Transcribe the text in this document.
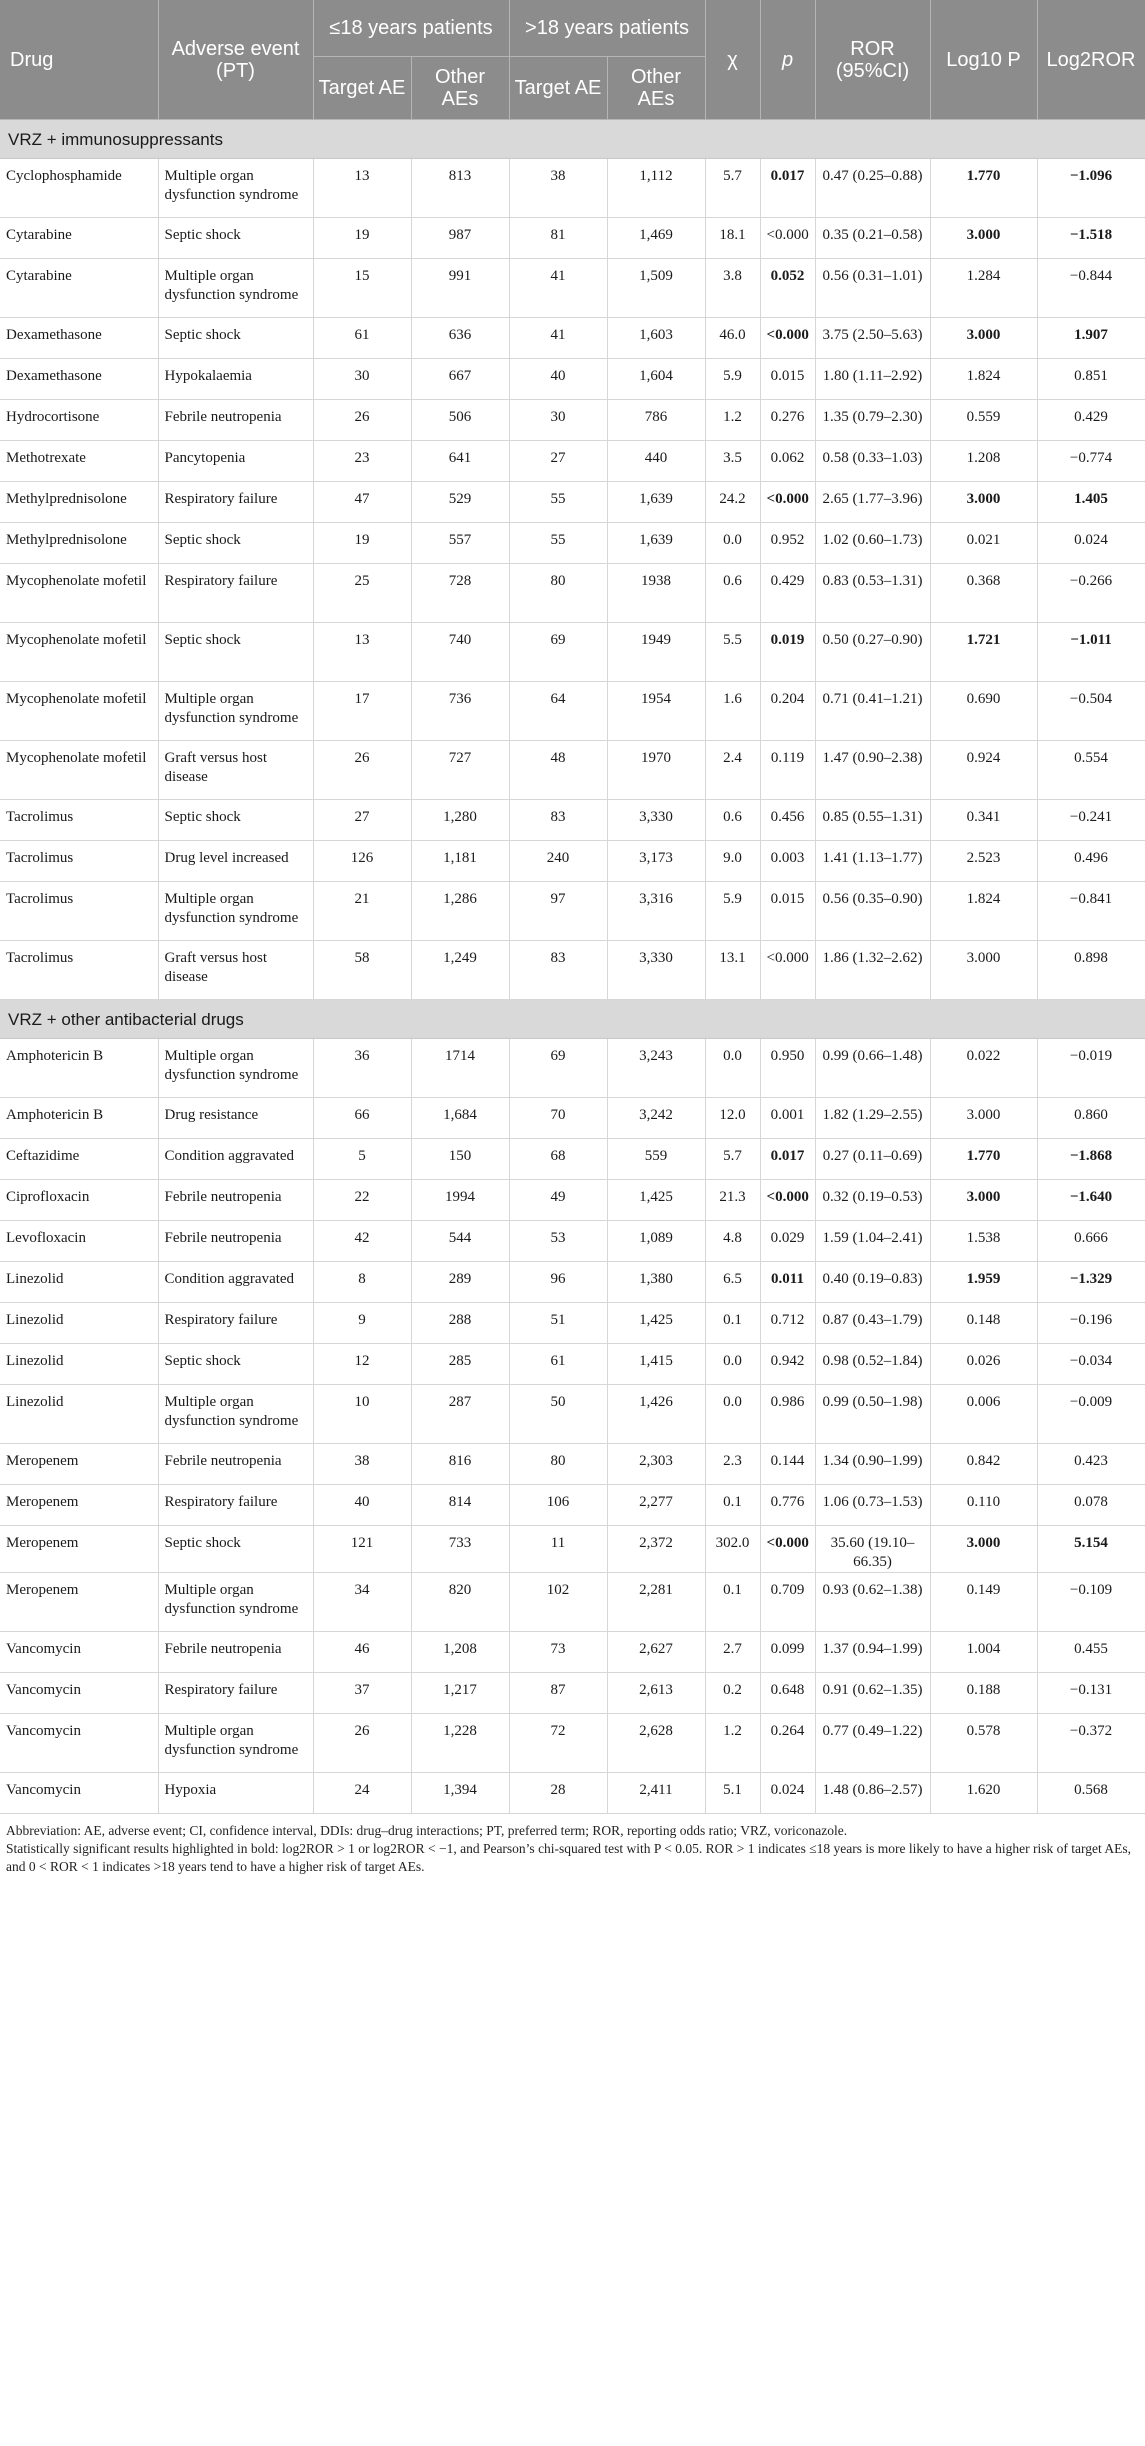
Drug	Adverse event (PT)	≤18 years patients		>18 years patients		χ	p	ROR (95%CI)	Log10 P	Log2ROR
		Target AE	Other AEs	Target AE	Other AEs					
VRZ + immunosuppressants										
Cyclophosphamide	Multiple organ dysfunction syndrome	13	813	38	1,112	5.7	0.017	0.47 (0.25–0.88)	1.770	−1.096
Cytarabine	Septic shock	19	987	81	1,469	18.1	<0.000	0.35 (0.21–0.58)	3.000	−1.518
Cytarabine	Multiple organ dysfunction syndrome	15	991	41	1,509	3.8	0.052	0.56 (0.31–1.01)	1.284	−0.844
Dexamethasone	Septic shock	61	636	41	1,603	46.0	<0.000	3.75 (2.50–5.63)	3.000	1.907
Dexamethasone	Hypokalaemia	30	667	40	1,604	5.9	0.015	1.80 (1.11–2.92)	1.824	0.851
Hydrocortisone	Febrile neutropenia	26	506	30	786	1.2	0.276	1.35 (0.79–2.30)	0.559	0.429
Methotrexate	Pancytopenia	23	641	27	440	3.5	0.062	0.58 (0.33–1.03)	1.208	−0.774
Methylprednisolone	Respiratory failure	47	529	55	1,639	24.2	<0.000	2.65 (1.77–3.96)	3.000	1.405
Methylprednisolone	Septic shock	19	557	55	1,639	0.0	0.952	1.02 (0.60–1.73)	0.021	0.024
Mycophenolate mofetil	Respiratory failure	25	728	80	1938	0.6	0.429	0.83 (0.53–1.31)	0.368	−0.266
Mycophenolate mofetil	Septic shock	13	740	69	1949	5.5	0.019	0.50 (0.27–0.90)	1.721	−1.011
Mycophenolate mofetil	Multiple organ dysfunction syndrome	17	736	64	1954	1.6	0.204	0.71 (0.41–1.21)	0.690	−0.504
Mycophenolate mofetil	Graft versus host disease	26	727	48	1970	2.4	0.119	1.47 (0.90–2.38)	0.924	0.554
Tacrolimus	Septic shock	27	1,280	83	3,330	0.6	0.456	0.85 (0.55–1.31)	0.341	−0.241
Tacrolimus	Drug level increased	126	1,181	240	3,173	9.0	0.003	1.41 (1.13–1.77)	2.523	0.496
Tacrolimus	Multiple organ dysfunction syndrome	21	1,286	97	3,316	5.9	0.015	0.56 (0.35–0.90)	1.824	−0.841
Tacrolimus	Graft versus host disease	58	1,249	83	3,330	13.1	<0.000	1.86 (1.32–2.62)	3.000	0.898
VRZ + other antibacterial drugs										
Amphotericin B	Multiple organ dysfunction syndrome	36	1714	69	3,243	0.0	0.950	0.99 (0.66–1.48)	0.022	−0.019
Amphotericin B	Drug resistance	66	1,684	70	3,242	12.0	0.001	1.82 (1.29–2.55)	3.000	0.860
Ceftazidime	Condition aggravated	5	150	68	559	5.7	0.017	0.27 (0.11–0.69)	1.770	−1.868
Ciprofloxacin	Febrile neutropenia	22	1994	49	1,425	21.3	<0.000	0.32 (0.19–0.53)	3.000	−1.640
Levofloxacin	Febrile neutropenia	42	544	53	1,089	4.8	0.029	1.59 (1.04–2.41)	1.538	0.666
Linezolid	Condition aggravated	8	289	96	1,380	6.5	0.011	0.40 (0.19–0.83)	1.959	−1.329
Linezolid	Respiratory failure	9	288	51	1,425	0.1	0.712	0.87 (0.43–1.79)	0.148	−0.196
Linezolid	Septic shock	12	285	61	1,415	0.0	0.942	0.98 (0.52–1.84)	0.026	−0.034
Linezolid	Multiple organ dysfunction syndrome	10	287	50	1,426	0.0	0.986	0.99 (0.50–1.98)	0.006	−0.009
Meropenem	Febrile neutropenia	38	816	80	2,303	2.3	0.144	1.34 (0.90–1.99)	0.842	0.423
Meropenem	Respiratory failure	40	814	106	2,277	0.1	0.776	1.06 (0.73–1.53)	0.110	0.078
Meropenem	Septic shock	121	733	11	2,372	302.0	<0.000	35.60 (19.10–66.35)	3.000	5.154
Meropenem	Multiple organ dysfunction syndrome	34	820	102	2,281	0.1	0.709	0.93 (0.62–1.38)	0.149	−0.109
Vancomycin	Febrile neutropenia	46	1,208	73	2,627	2.7	0.099	1.37 (0.94–1.99)	1.004	0.455
Vancomycin	Respiratory failure	37	1,217	87	2,613	0.2	0.648	0.91 (0.62–1.35)	0.188	−0.131
Vancomycin	Multiple organ dysfunction syndrome	26	1,228	72	2,628	1.2	0.264	0.77 (0.49–1.22)	0.578	−0.372
Vancomycin	Hypoxia	24	1,394	28	2,411	5.1	0.024	1.48 (0.86–2.57)	1.620	0.568
Abbreviation: AE, adverse event; CI, confidence interval, DDIs: drug–drug interactions; PT, preferred term; ROR, reporting odds ratio; VRZ, voriconazole.
Statistically significant results highlighted in bold: log2ROR > 1 or log2ROR < −1, and Pearson’s chi-squared test with P < 0.05. ROR > 1 indicates ≤18 years is more likely to have a higher risk of target AEs, and 0 < ROR < 1 indicates >18 years tend to have a higher risk of target AEs.
